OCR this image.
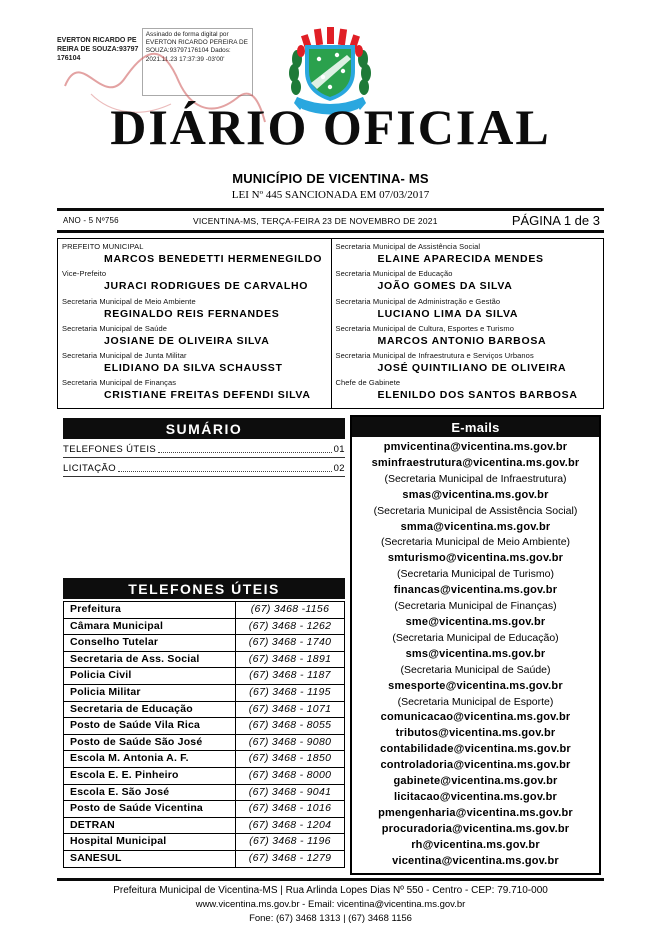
EVERTON RICARDO PEREIRA DE SOUZA:93797176104
Assinado de forma digital por EVERTON RICARDO PEREIRA DE SOUZA:93797176104 Dados: 2021.11.23 17:37:39 -03'00'
DIÁRIO OFICIAL
MUNICÍPIO DE VICENTINA- MS
LEI Nº 445 SANCIONADA EM 07/03/2017
ANO - 5 Nº756	VICENTINA-MS, TERÇA-FEIRA 23 DE NOVEMBRO DE 2021	PÁGINA 1 de 3
PREFEITO MUNICIPAL
MARCOS BENEDETTI HERMENEGILDO
Vice-Prefeito
JURACI RODRIGUES DE CARVALHO
Secretaria Municipal de Meio Ambiente
REGINALDO REIS FERNANDES
Secretaria Municipal de Saúde
JOSIANE DE OLIVEIRA SILVA
Secretaria Municipal de Junta Militar
ELIDIANO DA SILVA SCHAUSST
Secretaria Municipal de Finanças
CRISTIANE FREITAS DEFENDI SILVA
Secretaria Municipal de Assistência Social
ELAINE APARECIDA MENDES
Secretaria Municipal de Educação
JOÃO GOMES DA SILVA
Secretaria Municipal de Administração e Gestão
LUCIANO LIMA DA SILVA
Secretaria Municipal de Cultura, Esportes e Turismo
MARCOS ANTONIO BARBOSA
Secretaria Municipal de Infraestrutura e Serviços Urbanos
JOSÉ QUINTILIANO DE OLIVEIRA
Chefe de Gabinete
ELENILDO DOS SANTOS BARBOSA
SUMÁRIO
TELEFONES ÚTEIS	01
LICITAÇÃO	02
TELEFONES ÚTEIS
Prefeitura	(67) 3468 -1156
Câmara Municipal	(67) 3468 - 1262
Conselho Tutelar	(67) 3468 - 1740
Secretaria de Ass. Social	(67) 3468 - 1891
Policia Civil	(67) 3468 - 1187
Policia Militar	(67) 3468 - 1195
Secretaria de Educação	(67) 3468 - 1071
Posto de Saúde Vila Rica	(67) 3468 - 8055
Posto de Saúde São José	(67) 3468 - 9080
Escola M. Antonia A. F.	(67) 3468 - 1850
Escola E. E. Pinheiro	(67) 3468 - 8000
Escola E. São José	(67) 3468 - 9041
Posto de Saúde Vicentina	(67) 3468 - 1016
DETRAN	(67) 3468 - 1204
Hospital Municipal	(67) 3468 - 1196
SANESUL	(67) 3468 - 1279
E-mails
pmvicentina@vicentina.ms.gov.br
sminfraestrutura@vicentina.ms.gov.br
(Secretaria Municipal de Infraestrutura)
smas@vicentina.ms.gov.br
(Secretaria Municipal de Assistência Social)
smma@vicentina.ms.gov.br
(Secretaria Municipal de Meio Ambiente)
smturismo@vicentina.ms.gov.br
(Secretaria Municipal de Turismo)
financas@vicentina.ms.gov.br
(Secretaria Municipal de Finanças)
sme@vicentina.ms.gov.br
(Secretaria Municipal de Educação)
sms@vicentina.ms.gov.br
(Secretaria Municipal de Saúde)
smesporte@vicentina.ms.gov.br
(Secretaria Municipal de Esporte)
comunicacao@vicentina.ms.gov.br
tributos@vicentina.ms.gov.br
contabilidade@vicentina.ms.gov.br
controladoria@vicentina.ms.gov.br
gabinete@vicentina.ms.gov.br
licitacao@vicentina.ms.gov.br
pmengenharia@vicentina.ms.gov.br
procuradoria@vicentina.ms.gov.br
rh@vicentina.ms.gov.br
vicentina@vicentina.ms.gov.br
Prefeitura Municipal de Vicentina-MS | Rua Arlinda Lopes Dias Nº 550 - Centro - CEP: 79.710-000
www.vicentina.ms.gov.br - Email: vicentina@vicentina.ms.gov.br
Fone: (67) 3468 1313 | (67) 3468 1156
